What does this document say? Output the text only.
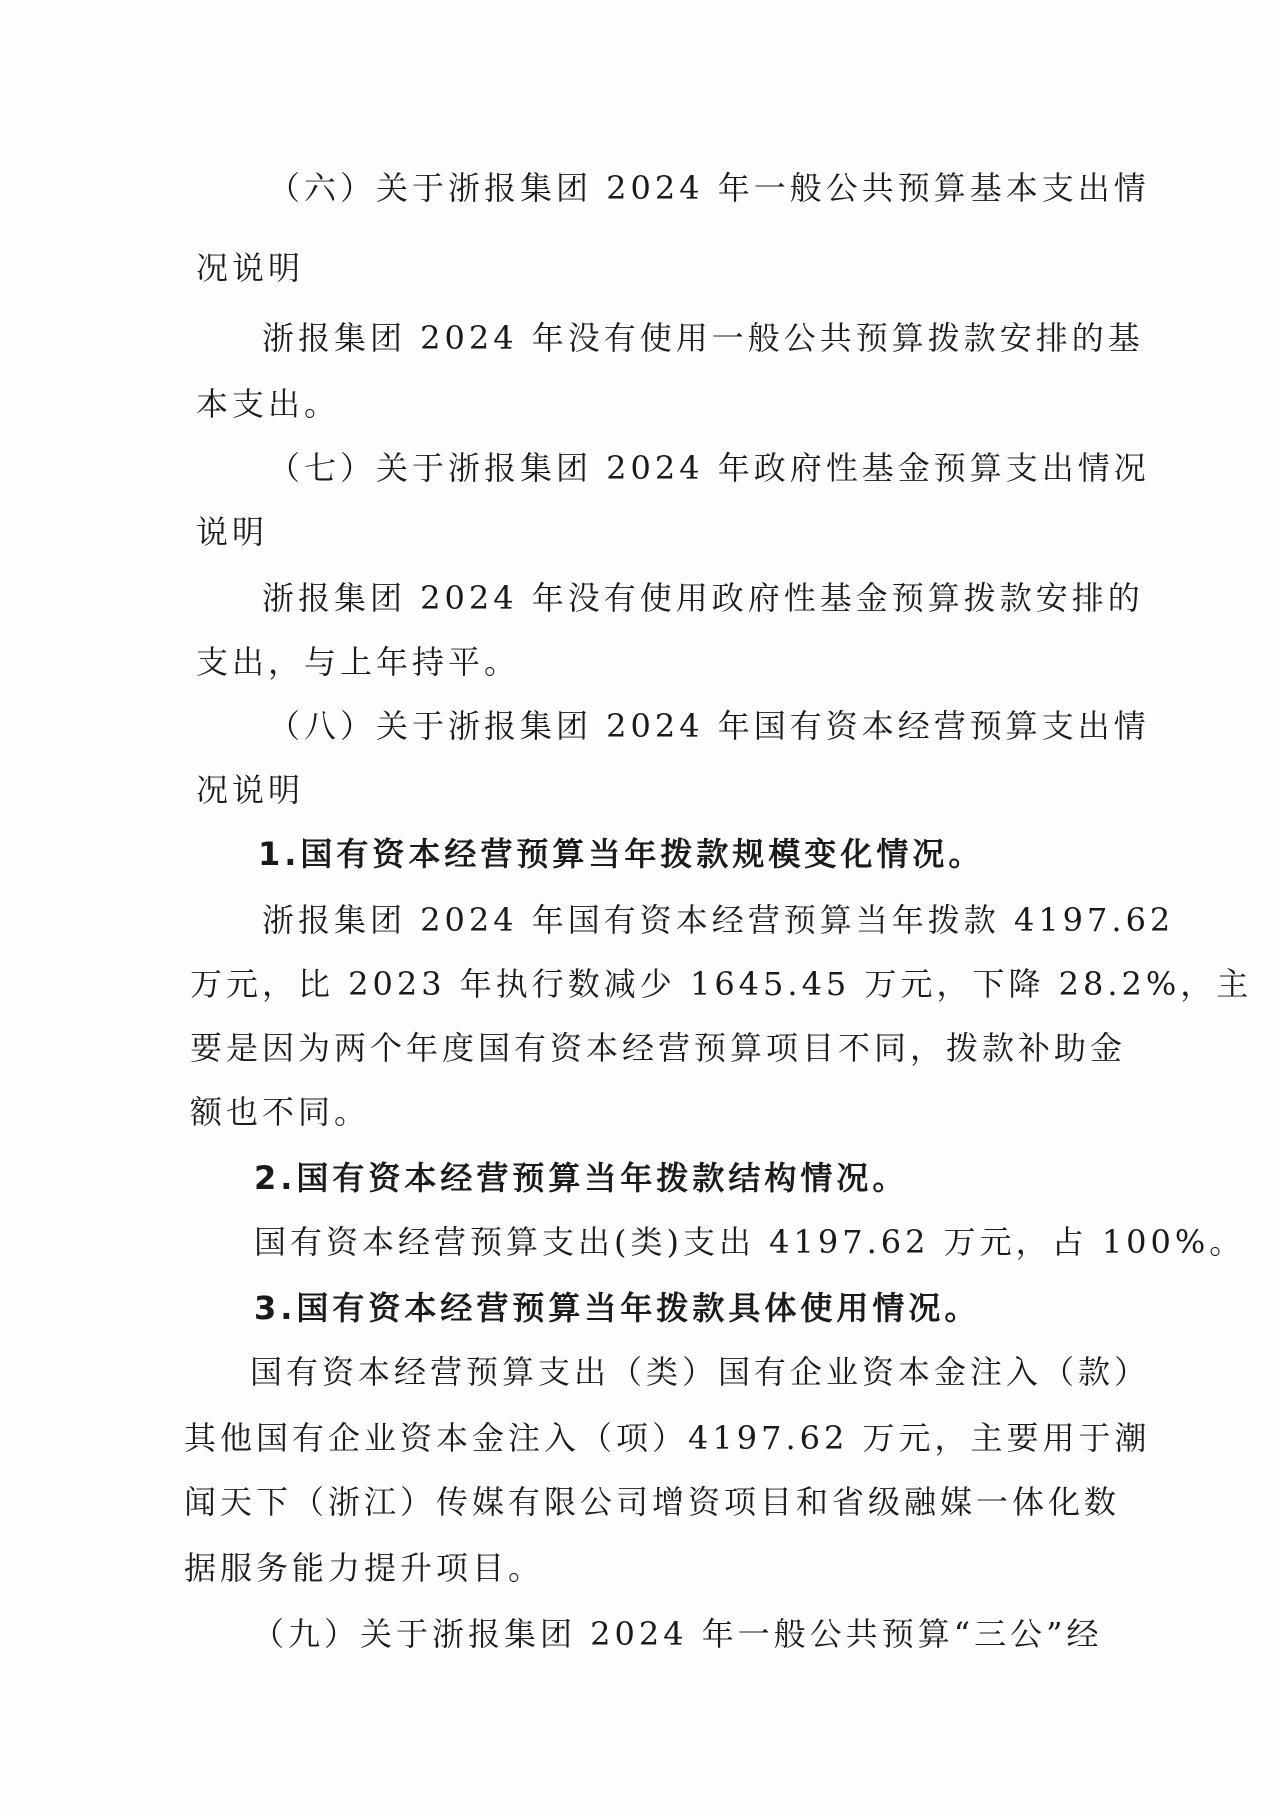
（六）关于浙报集团 2024 年一般公共预算基本支出情
况说明
浙报集团 2024 年没有使用一般公共预算拨款安排的基
本支出。
（七）关于浙报集团 2024 年政府性基金预算支出情况
说明
浙报集团 2024 年没有使用政府性基金预算拨款安排的
支出，与上年持平。
（八）关于浙报集团 2024 年国有资本经营预算支出情
况说明
1.国有资本经营预算当年拨款规模变化情况。
浙报集团 2024 年国有资本经营预算当年拨款 4197.62
万元，比 2023 年执行数减少 1645.45 万元，下降 28.2%，主
要是因为两个年度国有资本经营预算项目不同，拨款补助金
额也不同。
2.国有资本经营预算当年拨款结构情况。
国有资本经营预算支出(类)支出 4197.62 万元，占 100%。
3.国有资本经营预算当年拨款具体使用情况。
国有资本经营预算支出（类）国有企业资本金注入（款）
其他国有企业资本金注入（项）4197.62 万元，主要用于潮
闻天下（浙江）传媒有限公司增资项目和省级融媒一体化数
据服务能力提升项目。
（九）关于浙报集团 2024 年一般公共预算“三公”经
